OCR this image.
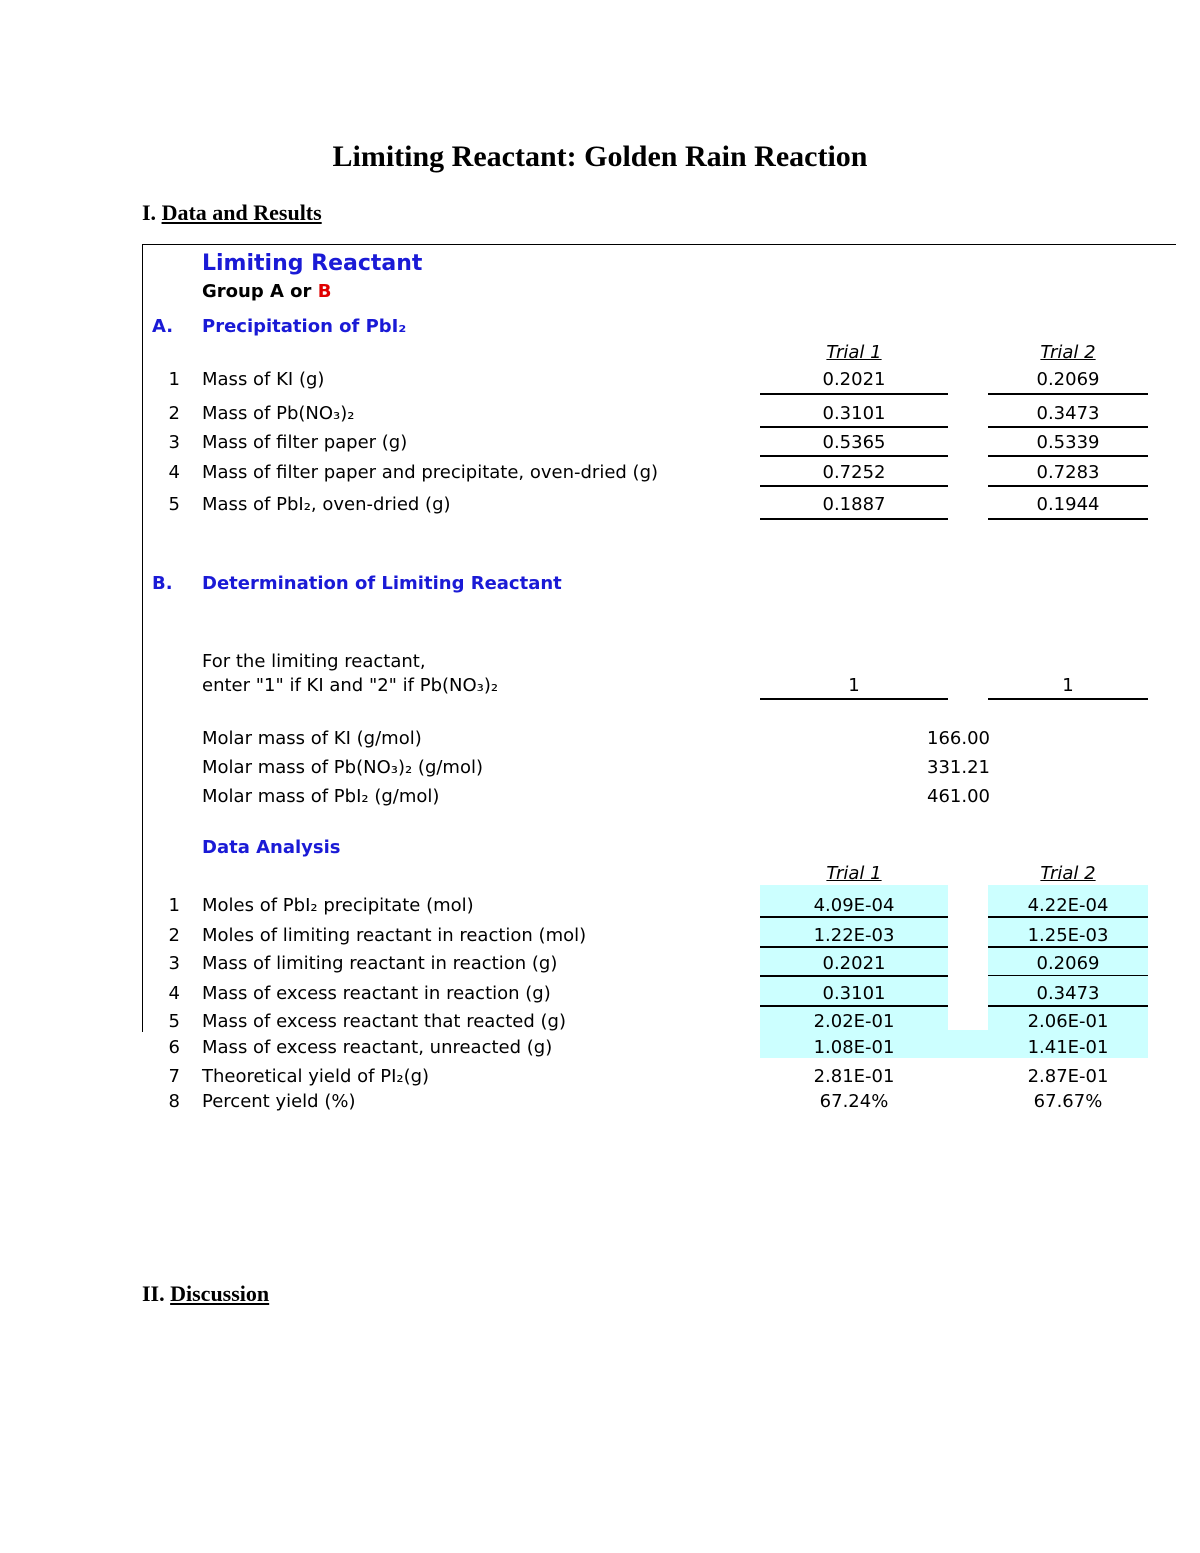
Limiting Reactant: Golden Rain Reaction
I. Data and Results
II. Discussion
Limiting Reactant
Group A or B
A. Precipitation of PbI₂
Trial 1	Trial 2
1 Mass of KI (g)	0.2021	0.2069
2 Mass of Pb(NO₃)₂	0.3101	0.3473
3 Mass of filter paper (g)	0.5365	0.5339
4 Mass of filter paper and precipitate, oven-dried (g)	0.7252	0.7283
5 Mass of PbI₂, oven-dried (g)	0.1887	0.1944
B. Determination of Limiting Reactant
For the limiting reactant,
enter "1" if KI and "2" if Pb(NO₃)₂	1	1
Molar mass of KI (g/mol)	166.00
Molar mass of Pb(NO₃)₂ (g/mol)	331.21
Molar mass of PbI₂ (g/mol)	461.00
Data Analysis
Trial 1	Trial 2
1 Moles of PbI₂ precipitate (mol)	4.09E-04	4.22E-04
2 Moles of limiting reactant in reaction (mol)	1.22E-03	1.25E-03
3 Mass of limiting reactant in reaction (g)	0.2021	0.2069
4 Mass of excess reactant in reaction (g)	0.3101	0.3473
5 Mass of excess reactant that reacted (g)	2.02E-01	2.06E-01
6 Mass of excess reactant, unreacted (g)	1.08E-01	1.41E-01
7 Theoretical yield of PI₂(g)	2.81E-01	2.87E-01
8 Percent yield (%)	67.24%	67.67%
